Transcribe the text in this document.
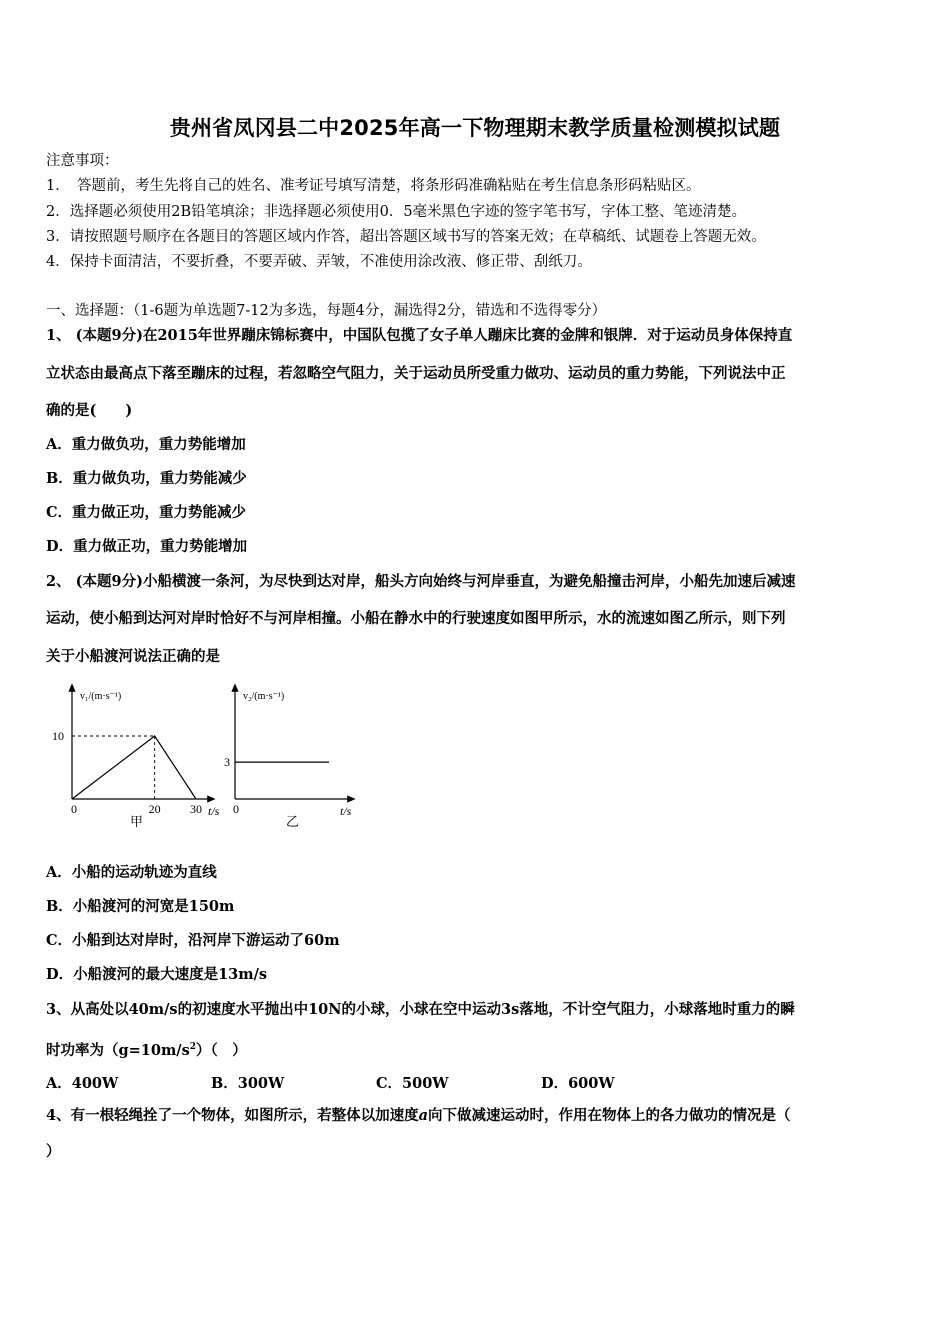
贵州省凤冈县二中2025年高一下物理期末教学质量检测模拟试题
注意事项：
1．　答题前，考生先将自己的姓名、准考证号填写清楚，将条形码准确粘贴在考生信息条形码粘贴区。
2．选择题必须使用2B铅笔填涂；非选择题必须使用0．5毫米黑色字迹的签字笔书写，字体工整、笔迹清楚。
3．请按照题号顺序在各题目的答题区域内作答，超出答题区域书写的答案无效；在草稿纸、试题卷上答题无效。
4．保持卡面清洁，不要折叠，不要弄破、弄皱，不准使用涂改液、修正带、刮纸刀。
一、选择题：（1-6题为单选题7-12为多选，每题4分，漏选得2分，错选和不选得零分）
1、 (本题9分)在2015年世界蹦床锦标赛中，中国队包揽了女子单人蹦床比赛的金牌和银牌．对于运动员身体保持直
立状态由最高点下落至蹦床的过程，若忽略空气阻力，关于运动员所受重力做功、运动员的重力势能，下列说法中正
确的是(　　)
A．重力做负功，重力势能增加
B．重力做负功，重力势能减少
C．重力做正功，重力势能减少
D．重力做正功，重力势能增加
2、 (本题9分)小船横渡一条河，为尽快到达对岸，船头方向始终与河岸垂直，为避免船撞击河岸，小船先加速后减速
运动，使小船到达河对岸时恰好不与河岸相撞。小船在静水中的行驶速度如图甲所示，水的流速如图乙所示，则下列
关于小船渡河说法正确的是
v₁/(m·s⁻¹)
10
0	20 30 t/s
甲
v₂/(m·s⁻¹)
3
0	t/s
乙
A．小船的运动轨迹为直线
B．小船渡河的河宽是150m
C．小船到达对岸时，沿河岸下游运动了60m
D．小船渡河的最大速度是13m/s
3、从高处以40m/s的初速度水平抛出中10N的小球，小球在空中运动3s落地，不计空气阻力，小球落地时重力的瞬
时功率为$(g=10m/s^2)$（　）
A．400W	B．300W	C．500W	D．600W
4、有一根轻绳拴了一个物体，如图所示，若整体以加速度a向下做减速运动时，作用在物体上的各力做功的情况是（
）
